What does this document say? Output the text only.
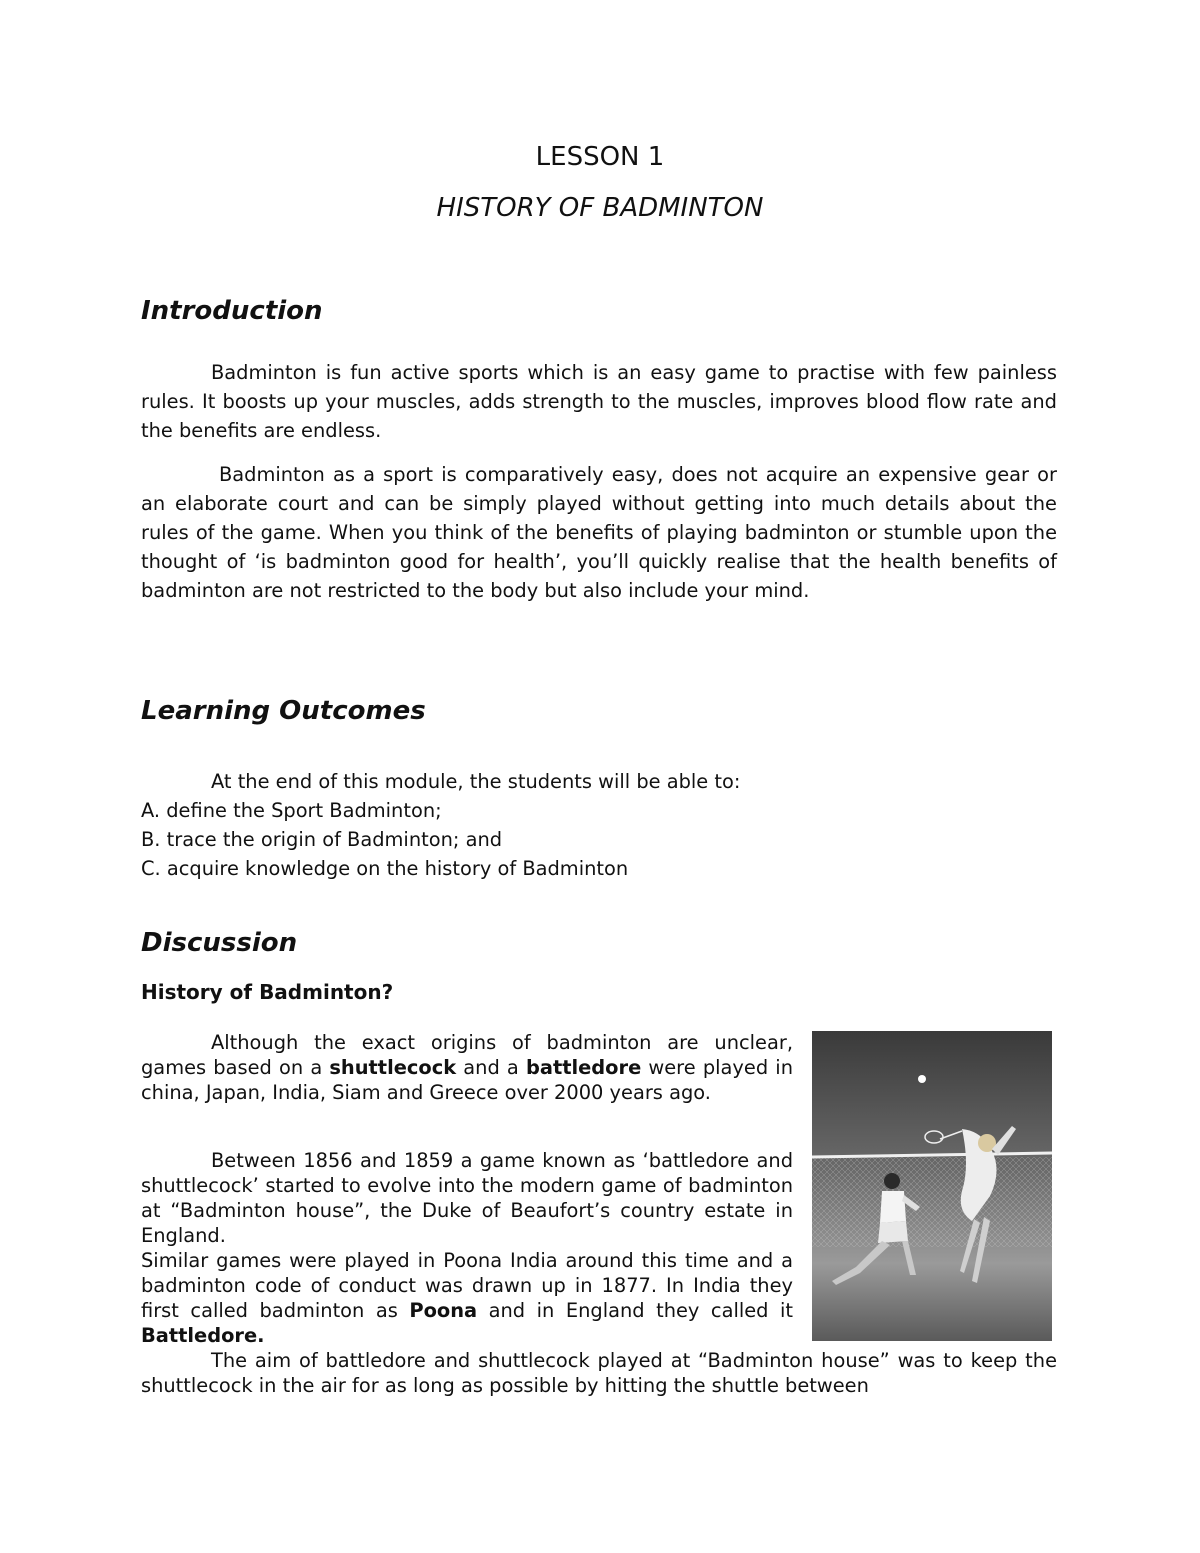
LESSON 1
HISTORY OF BADMINTON
Introduction
Badminton is fun active sports which is an easy game to practise with few painless rules. It boosts up your muscles, adds strength to the muscles, improves blood flow rate and the benefits are endless.
Badminton as a sport is comparatively easy, does not acquire an expensive gear or an elaborate court and can be simply played without getting into much details about the rules of the game. When you think of the benefits of playing badminton or stumble upon the thought of ‘is badminton good for health’, you’ll quickly realise that the health benefits of badminton are not restricted to the body but also include your mind.
Learning Outcomes
At the end of this module, the students will be able to:
A. define the Sport Badminton;
B. trace the origin of Badminton; and
C. acquire knowledge on the history of Badminton
Discussion
History of Badminton?
Although the exact origins of badminton are unclear, games based on a shuttlecock and a battledore were played in china, Japan, India, Siam and Greece over 2000 years ago.
Between 1856 and 1859 a game known as ‘battledore and shuttlecock’ started to evolve into the modern game of badminton at “Badminton house”, the Duke of Beaufort’s country estate in England.
Similar games were played in Poona India around this time and a badminton code of conduct was drawn up in 1877. In India they first called badminton as Poona and in England they called it Battledore.
The aim of battledore and shuttlecock played at “Badminton house” was to keep the shuttlecock in the air for as long as possible by hitting the shuttle between
